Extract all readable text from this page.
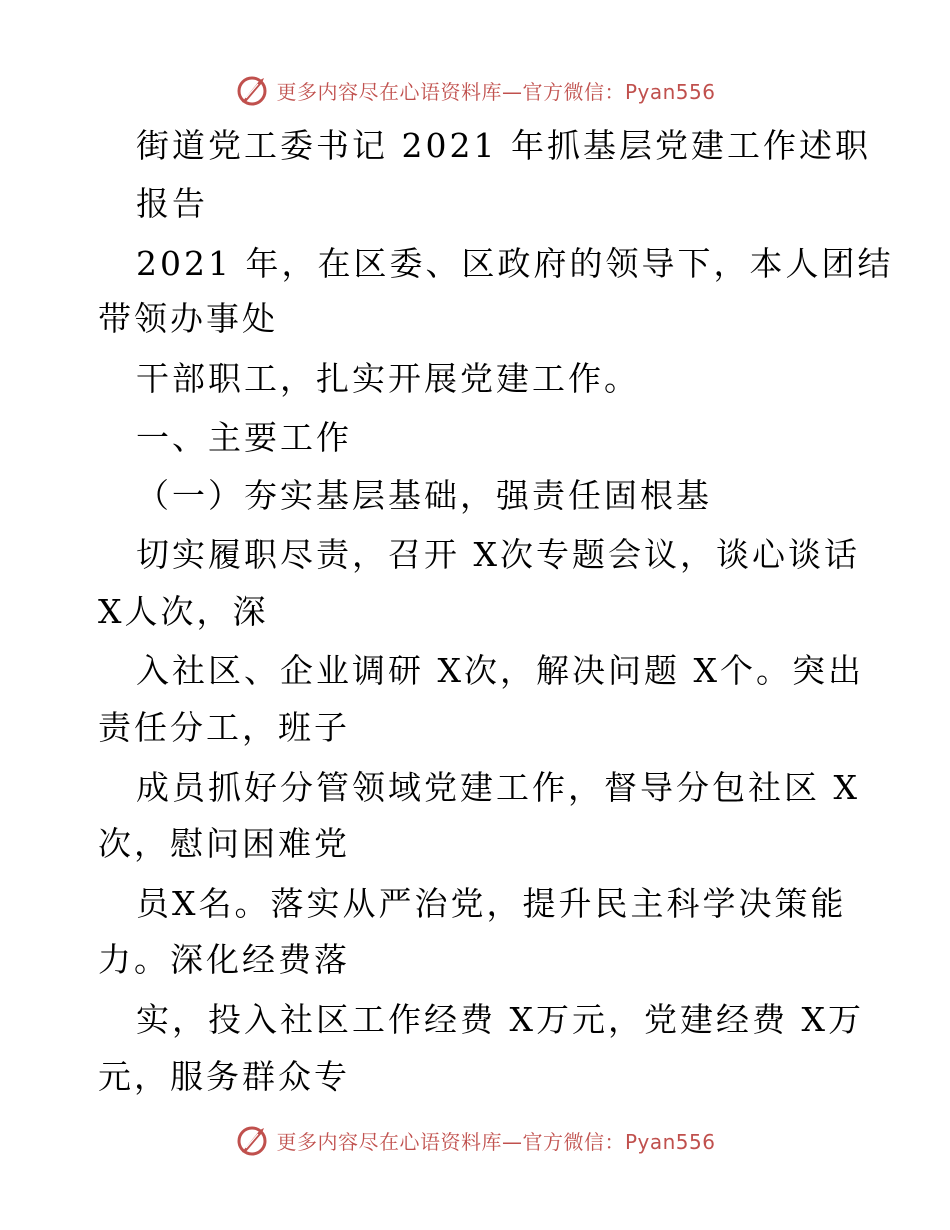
更多内容尽在心语资料库—官方微信：Pyan556
街道党工委书记 2021 年抓基层党建工作述职
报告
2021 年，在区委、区政府的领导下，本人团结
带领办事处
干部职工，扎实开展党建工作。
一、主要工作
（一）夯实基层基础，强责任固根基
切实履职尽责，召开 X次专题会议，谈心谈话
X人次，深
入社区、企业调研 X次，解决问题 X个。突出
责任分工，班子
成员抓好分管领域党建工作，督导分包社区 X
次，慰问困难党
员X名。落实从严治党，提升民主科学决策能
力。深化经费落
实，投入社区工作经费 X万元，党建经费 X万
元，服务群众专
更多内容尽在心语资料库—官方微信：Pyan556
